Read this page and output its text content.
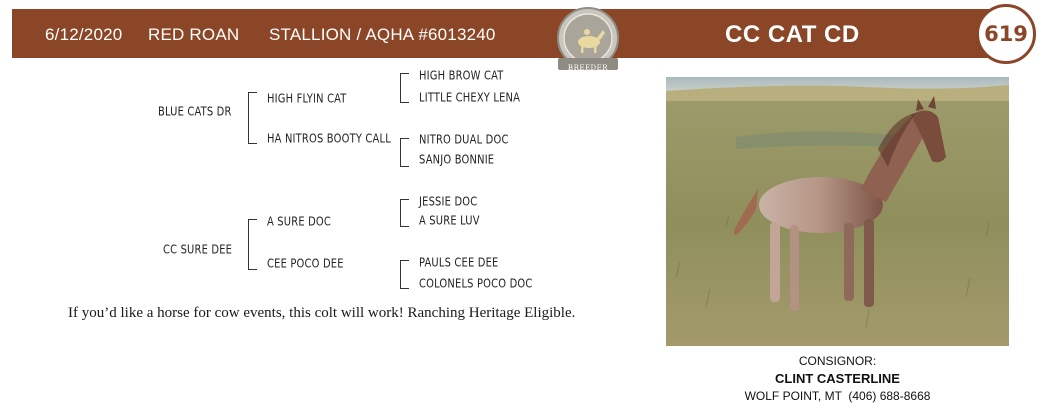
6/12/2020 RED ROAN STALLION / AQHA #6013240	CC CAT CD
BREEDER
619
BLUE CATS DR
HIGH FLYIN CAT
HA NITROS BOOTY CALL
HIGH BROW CAT
LITTLE CHEXY LENA
NITRO DUAL DOC
SANJO BONNIE
CC SURE DEE
A SURE DOC
CEE POCO DEE
JESSIE DOC
A SURE LUV
PAULS CEE DEE
COLONELS POCO DOC
If you’d like a horse for cow events, this colt will work! Ranching Heritage Eligible.
CONSIGNOR:
CLINT CASTERLINE
WOLF POINT, MT  (406) 688-8668
